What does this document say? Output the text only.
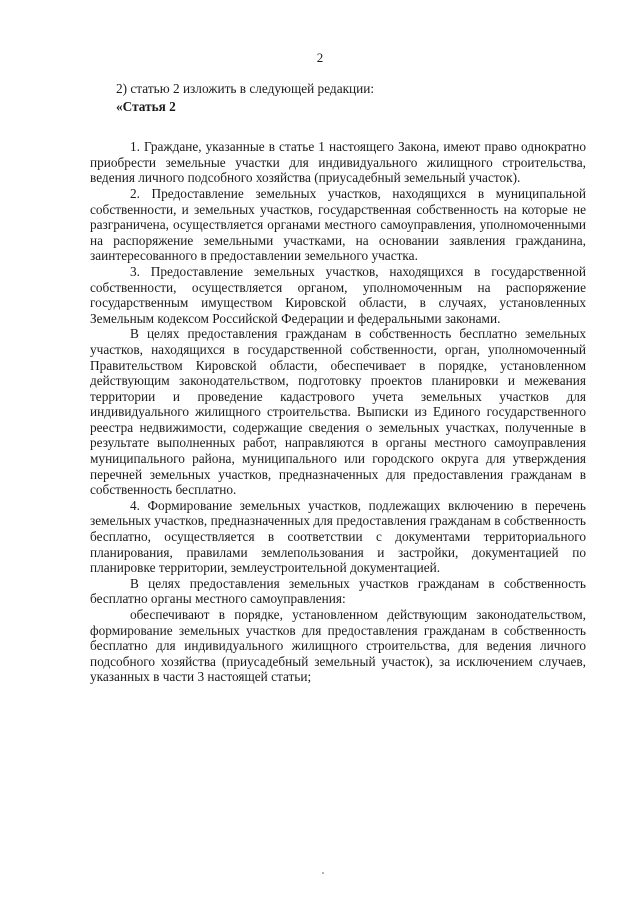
2

2) статью 2 изложить в следующей редакции:

«Статья 2

1. Граждане, указанные в статье 1 настоящего Закона, имеют право однократно приобрести земельные участки для индивидуального жилищного строительства, ведения личного подсобного хозяйства (приусадебный земельный участок).

2. Предоставление земельных участков, находящихся в муниципальной собственности, и земельных участков, государственная собственность на которые не разграничена, осуществляется органами местного самоуправления, уполномоченными на распоряжение земельными участками, на основании заявления гражданина, заинтересованного в предоставлении земельного участка.

3. Предоставление земельных участков, находящихся в государственной собственности, осуществляется органом, уполномоченным на распоряжение государственным имуществом Кировской области, в случаях, установленных Земельным кодексом Российской Федерации и федеральными законами.

В целях предоставления гражданам в собственность бесплатно земельных участков, находящихся в государственной собственности, орган, уполномоченный Правительством Кировской области, обеспечивает в порядке, установленном действующим законодательством, подготовку проектов планировки и межевания территории и проведение кадастрового учета земельных участков для индивидуального жилищного строительства. Выписки из Единого государственного реестра недвижимости, содержащие сведения о земельных участках, полученные в результате выполненных работ, направляются в органы местного самоуправления муниципального района, муниципального или городского округа для утверждения перечней земельных участков, предназначенных для предоставления гражданам в собственность бесплатно.

4. Формирование земельных участков, подлежащих включению в перечень земельных участков, предназначенных для предоставления гражданам в собственность бесплатно, осуществляется в соответствии с документами территориального планирования, правилами землепользования и застройки, документацией по планировке территории, землеустроительной документацией.

В целях предоставления земельных участков гражданам в собственность бесплатно органы местного самоуправления:

обеспечивают в порядке, установленном действующим законодательством, формирование земельных участков для предоставления гражданам в собственность бесплатно для индивидуального жилищного строительства, для ведения личного подсобного хозяйства (приусадебный земельный участок), за исключением случаев, указанных в части 3 настоящей статьи;
